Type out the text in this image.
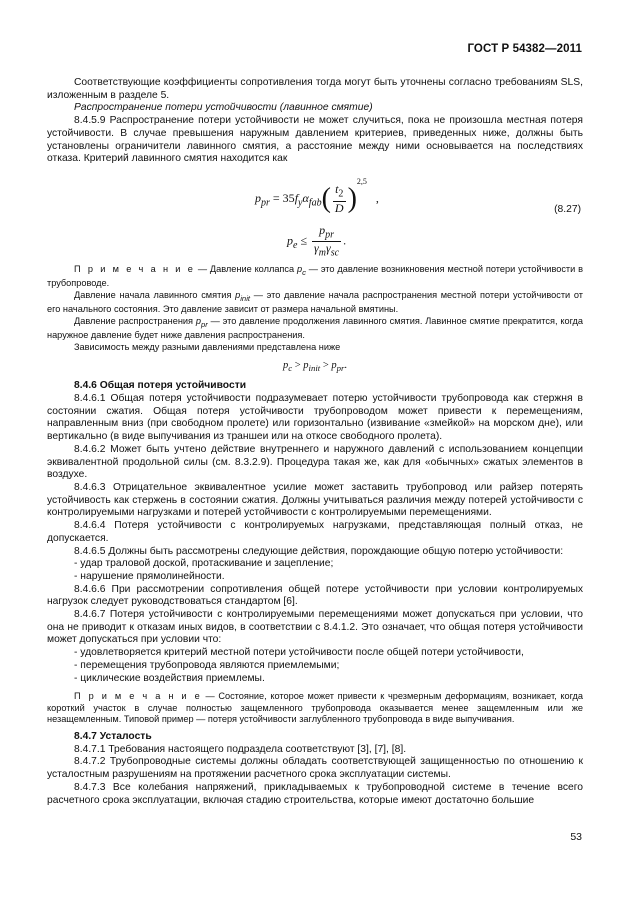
ГОСТ Р 54382—2011

Соответствующие коэффициенты сопротивления тогда могут быть уточнены согласно требованиям SLS, изложенным в разделе 5.

Распространение потери устойчивости (лавинное смятие)

8.4.5.9 Распространение потери устойчивости не может случиться, пока не произошла местная потеря устойчивости. В случае превышения наружным давлением критериев, приведенных ниже, должны быть установлены ограничители лавинного смятия, а расстояние между ними основывается на последствиях отказа. Критерий лавинного смятия находится как

$p_{pr} = 35f_y\alpha_{fab}( \frac{t_2}{D} )^{2,5}$ ,
$p_e \le \frac{p_{pr}}{\gamma_m\gamma_{sc}}$ .
(8.27)

П р и м е ч а н и е — Давление коллапса $p_c$ — это давление возникновения местной потери устойчивости в трубопроводе.

Давление начала лавинного смятия $p_{init}$ — это давление начала распространения местной потери устойчивости от его начального состояния. Это давление зависит от размера начальной вмятины.

Давление распространения $p_{pr}$ — это давление продолжения лавинного смятия. Лавинное смятие прекратится, когда наружное давление будет ниже давления распространения.

Зависимость между разными давлениями представлена ниже

$p_c > p_{init} > p_{pr}$.

8.4.6 Общая потеря устойчивости

8.4.6.1 Общая потеря устойчивости подразумевает потерю устойчивости трубопровода как стержня в состоянии сжатия. Общая потеря устойчивости трубопроводом может привести к перемещениям, направленным вниз (при свободном пролете) или горизонтально (извивание «змейкой» на морском дне), или вертикально (в виде выпучивания из траншеи или на откосе свободного пролета).

8.4.6.2 Может быть учтено действие внутреннего и наружного давлений с использованием концепции эквивалентной продольной силы (см. 8.3.2.9). Процедура такая же, как для «обычных» сжатых элементов в воздухе.

8.4.6.3 Отрицательное эквивалентное усилие может заставить трубопровод или райзер потерять устойчивость как стержень в состоянии сжатия. Должны учитываться различия между потерей устойчивости с контролируемыми нагрузками и потерей устойчивости с контролируемыми перемещениями.

8.4.6.4 Потеря устойчивости с контролируемых нагрузками, представляющая полный отказ, не допускается.

8.4.6.5 Должны быть рассмотрены следующие действия, порождающие общую потерю устойчивости:

- удар траловой доской, протаскивание и зацепление;

- нарушение прямолинейности.

8.4.6.6 При рассмотрении сопротивления общей потере устойчивости при условии контролируемых нагрузок следует руководствоваться стандартом [6].

8.4.6.7 Потеря устойчивости с контролируемыми перемещениями может допускаться при условии, что она не приводит к отказам иных видов, в соответствии с 8.4.1.2. Это означает, что общая потеря устойчивости может допускаться при условии что:

- удовлетворяется критерий местной потери устойчивости после общей потери устойчивости,

- перемещения трубопровода являются приемлемыми;

- циклические воздействия приемлемы.

П р и м е ч а н и е — Состояние, которое может привести к чрезмерным деформациям, возникает, когда короткий участок в случае полностью защемленного трубопровода оказывается менее защемленным или же незащемленным. Типовой пример — потеря устойчивости заглубленного трубопровода в виде выпучивания.

8.4.7 Усталость

8.4.7.1 Требования настоящего подраздела соответствуют [3], [7], [8].

8.4.7.2 Трубопроводные системы должны обладать соответствующей защищенностью по отношению к усталостным разрушениям на протяжении расчетного срока эксплуатации системы.

8.4.7.3 Все колебания напряжений, прикладываемых к трубопроводной системе в течение всего расчетного срока эксплуатации, включая стадию строительства, которые имеют достаточно большие

53
